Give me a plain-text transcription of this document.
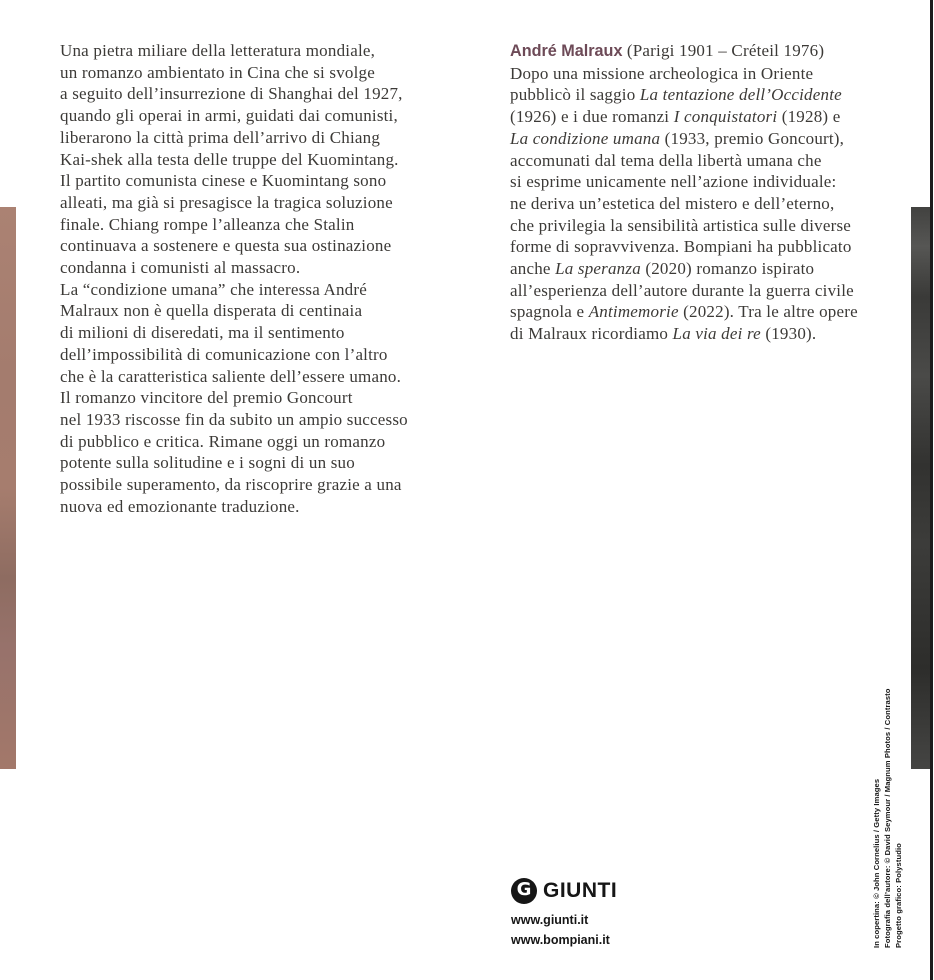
Una pietra miliare della letteratura mondiale,
un romanzo ambientato in Cina che si svolge
a seguito dell’insurrezione di Shanghai del 1927,
quando gli operai in armi, guidati dai comunisti,
liberarono la città prima dell’arrivo di Chiang
Kai-shek alla testa delle truppe del Kuomintang.
Il partito comunista cinese e Kuomintang sono
alleati, ma già si presagisce la tragica soluzione
finale. Chiang rompe l’alleanza che Stalin
continuava a sostenere e questa sua ostinazione
condanna i comunisti al massacro.
La “condizione umana” che interessa André
Malraux non è quella disperata di centinaia
di milioni di diseredati, ma il sentimento
dell’impossibilità di comunicazione con l’altro
che è la caratteristica saliente dell’essere umano.
Il romanzo vincitore del premio Goncourt
nel 1933 riscosse fin da subito un ampio successo
di pubblico e critica. Rimane oggi un romanzo
potente sulla solitudine e i sogni di un suo
possibile superamento, da riscoprire grazie a una
nuova ed emozionante traduzione.
André Malraux (Parigi 1901 – Créteil 1976)
Dopo una missione archeologica in Oriente
pubblicò il saggio La tentazione dell’Occidente
(1926) e i due romanzi I conquistatori (1928) e
La condizione umana (1933, premio Goncourt),
accomunati dal tema della libertà umana che
si esprime unicamente nell’azione individuale:
ne deriva un’estetica del mistero e dell’eterno,
che privilegia la sensibilità artistica sulle diverse
forme di sopravvivenza. Bompiani ha pubblicato
anche La speranza (2020) romanzo ispirato
all’esperienza dell’autore durante la guerra civile
spagnola e Antimemorie (2022). Tra le altre opere
di Malraux ricordiamo La via dei re (1930).
In copertina: © John Cornelius / Getty Images Fotografia dell’autore: © David Seymour / Magnum Photos / Contrasto Progetto grafico: Polystudio
G GIUNTI
www.giunti.it
www.bompiani.it
